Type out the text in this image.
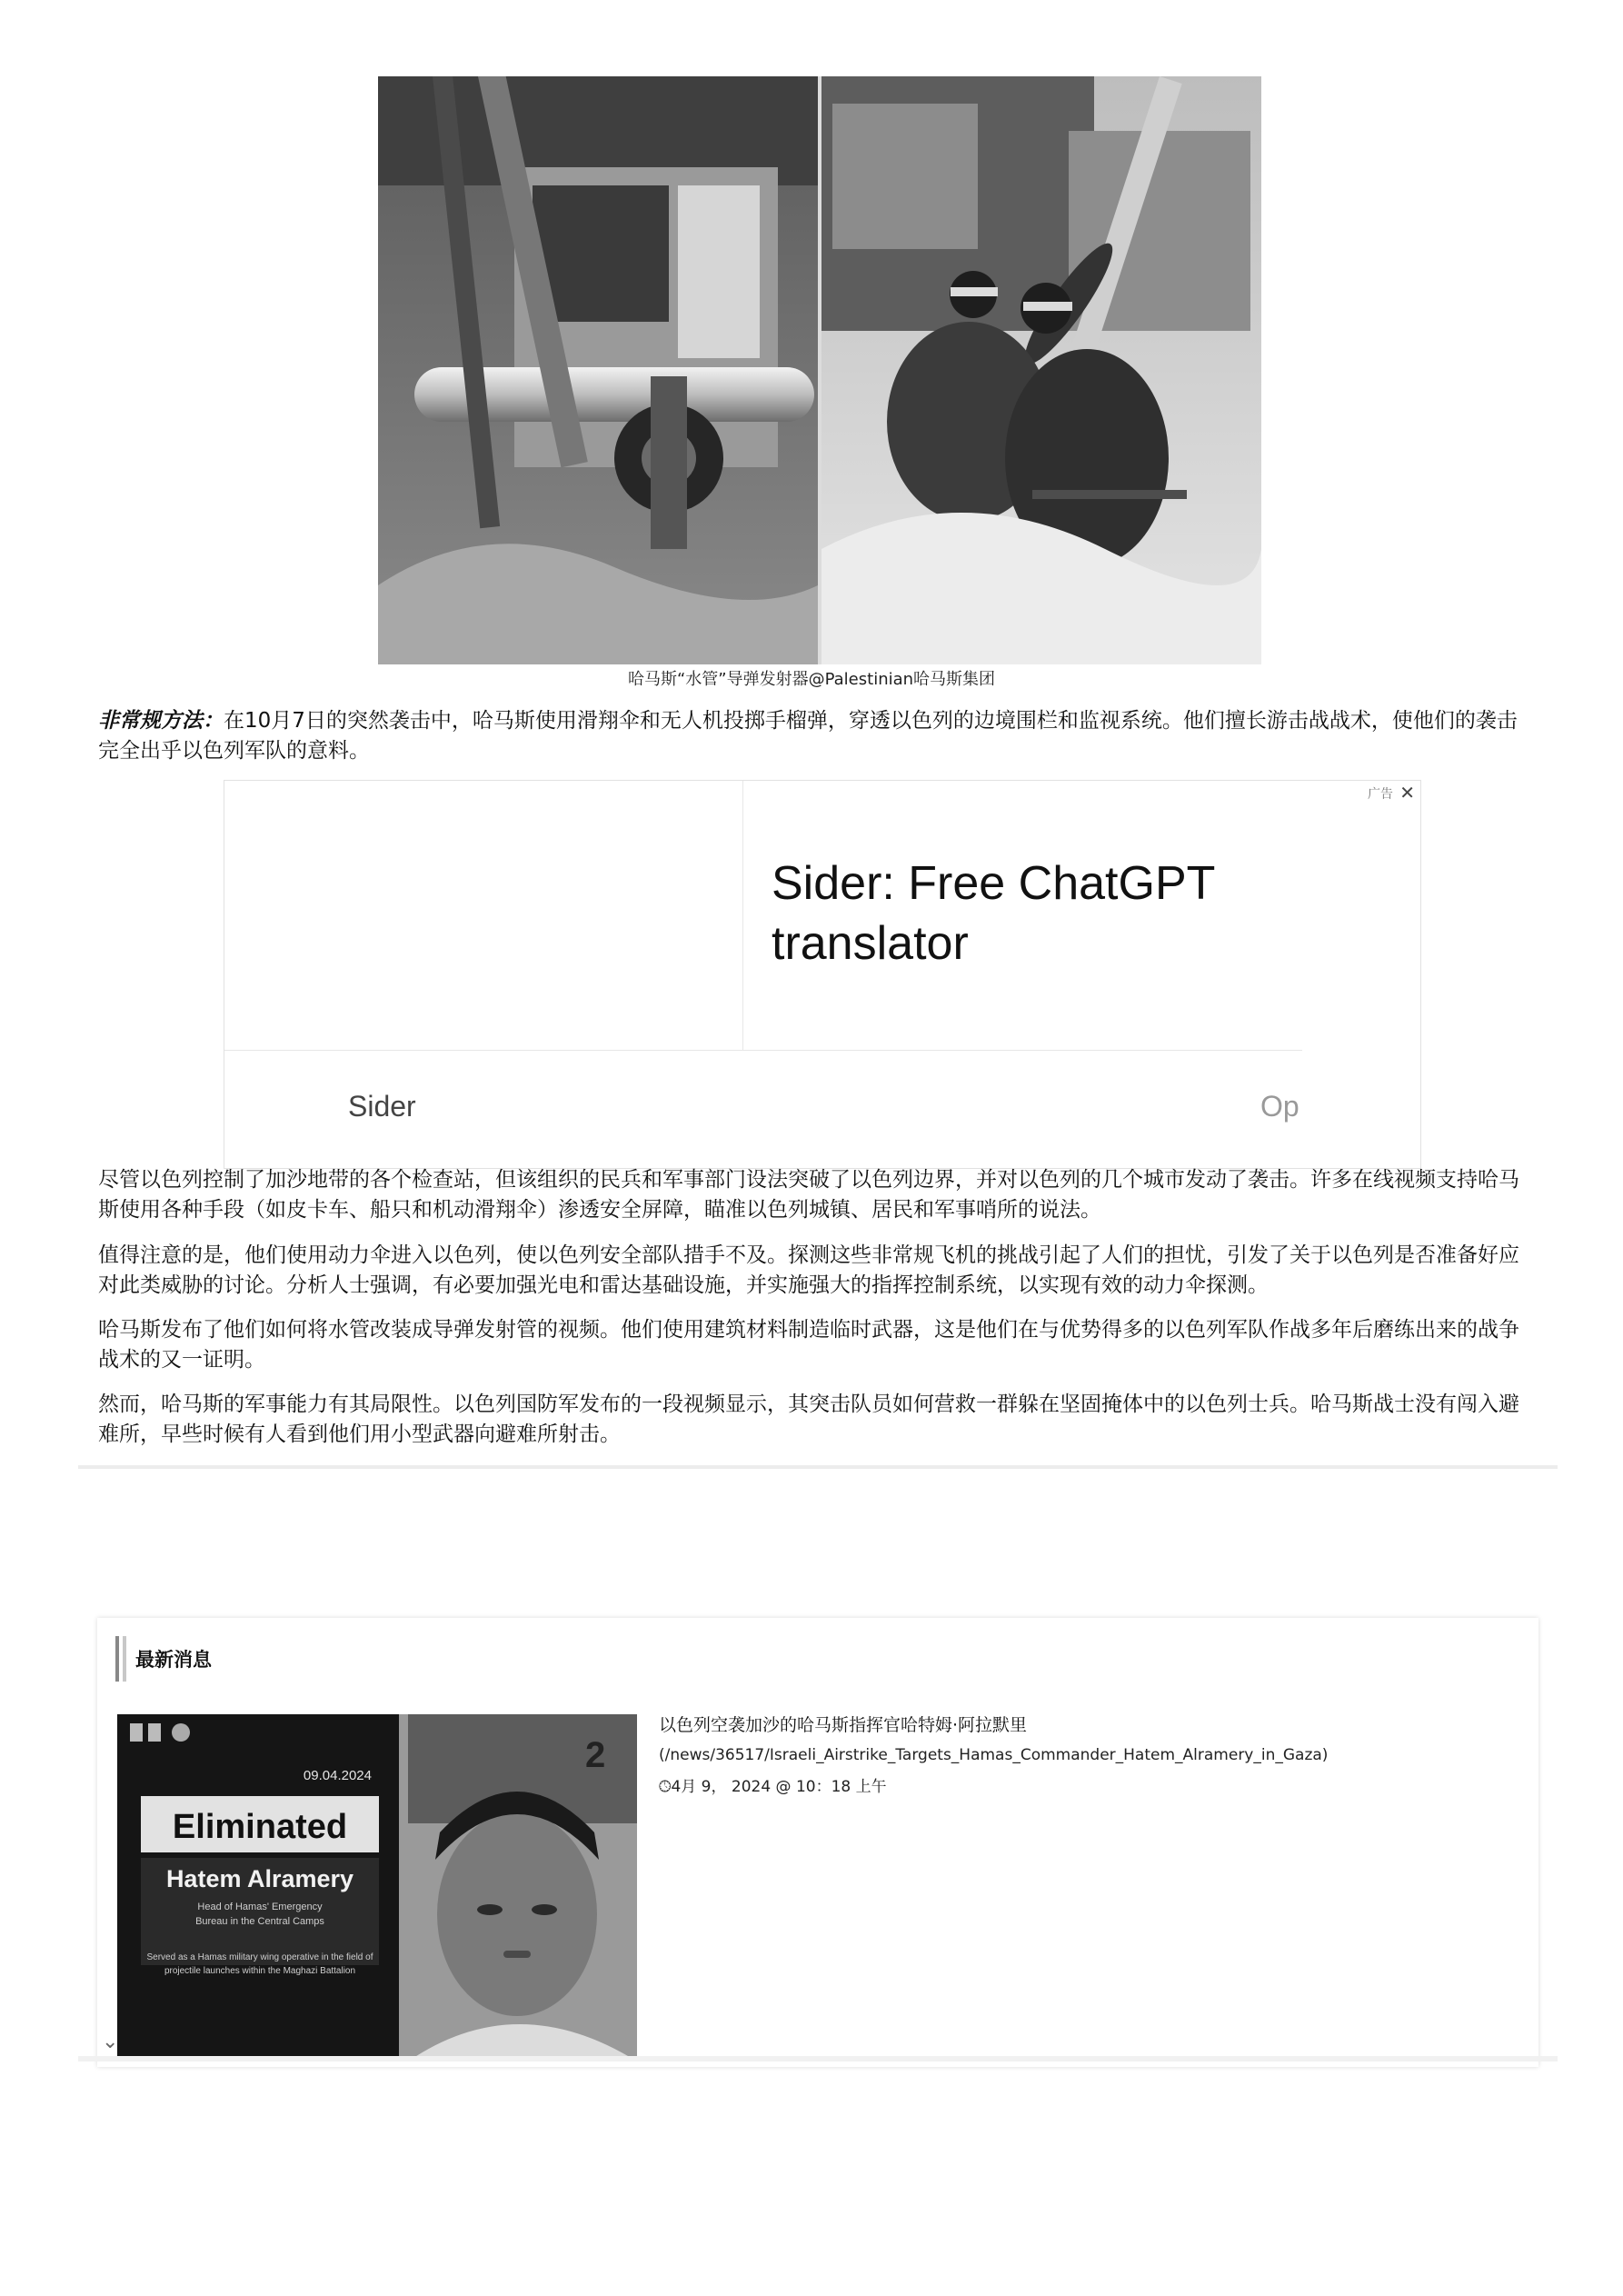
哈马斯“水管”导弹发射器@Palestinian哈马斯集团
非常规方法：在10月7日的突然袭击中，哈马斯使用滑翔伞和无人机投掷手榴弹，穿透以色列的边境围栏和监视系统。他们擅长游击战战术，使他们的袭击完全出乎以色列军队的意料。
Sider: Free ChatGPT translator
Sider	Op
广告 ✕
尽管以色列控制了加沙地带的各个检查站，但该组织的民兵和军事部门设法突破了以色列边界，并对以色列的几个城市发动了袭击。许多在线视频支持哈马斯使用各种手段（如皮卡车、船只和机动滑翔伞）渗透安全屏障，瞄准以色列城镇、居民和军事哨所的说法。
值得注意的是，他们使用动力伞进入以色列，使以色列安全部队措手不及。探测这些非常规飞机的挑战引起了人们的担忧，引发了关于以色列是否准备好应对此类威胁的讨论。分析人士强调，有必要加强光电和雷达基础设施，并实施强大的指挥控制系统，以实现有效的动力伞探测。
哈马斯发布了他们如何将水管改装成导弹发射管的视频。他们使用建筑材料制造临时武器，这是他们在与优势得多的以色列军队作战多年后磨练出来的战争战术的又一证明。
然而，哈马斯的军事能力有其局限性。以色列国防军发布的一段视频显示，其突击队员如何营救一群躲在坚固掩体中的以色列士兵。哈马斯战士没有闯入避难所，早些时候有人看到他们用小型武器向避难所射击。
最新消息
09.04.2024
Eliminated
Hatem Alramery
Head of Hamas' Emergency
Bureau in the Central Camps
Served as a Hamas military wing operative in the field of
projectile launches within the Maghazi Battalion
2
以色列空袭加沙的哈马斯指挥官哈特姆·阿拉默里
(/news/36517/Israeli_Airstrike_Targets_Hamas_Commander_Hatem_Alramery_in_Gaza)
🕓︎4月 9， 2024 @ 10：18 上午
⌄
